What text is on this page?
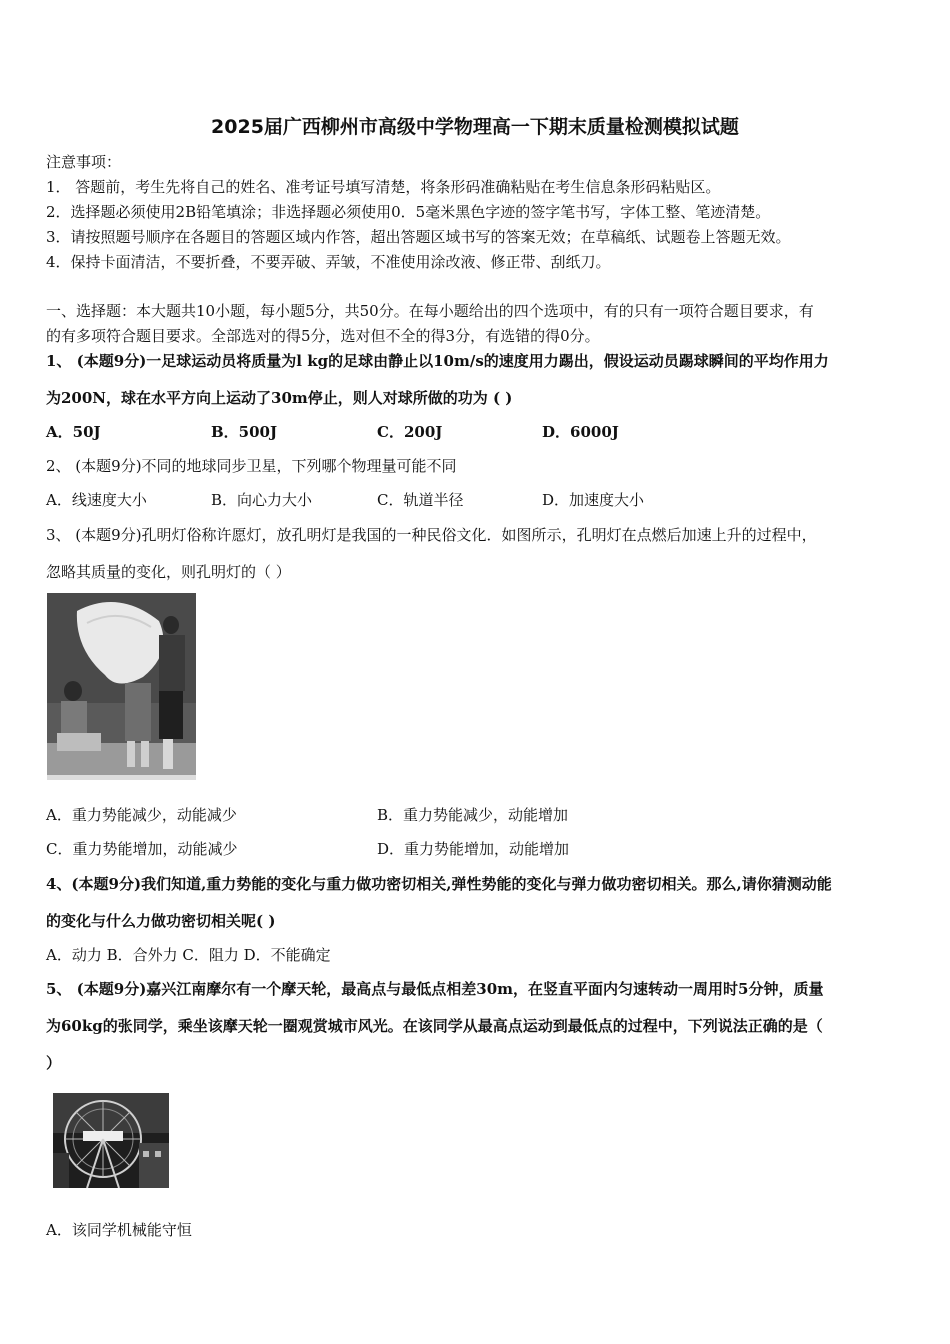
2025届广西柳州市高级中学物理高一下期末质量检测模拟试题
注意事项：
1． 答题前，考生先将自己的姓名、准考证号填写清楚，将条形码准确粘贴在考生信息条形码粘贴区。
2．选择题必须使用2B铅笔填涂；非选择题必须使用0．5毫米黑色字迹的签字笔书写，字体工整、笔迹清楚。
3．请按照题号顺序在各题目的答题区域内作答，超出答题区域书写的答案无效；在草稿纸、试题卷上答题无效。
4．保持卡面清洁，不要折叠，不要弄破、弄皱，不准使用涂改液、修正带、刮纸刀。
一、选择题：本大题共10小题，每小题5分，共50分。在每小题给出的四个选项中，有的只有一项符合题目要求，有
的有多项符合题目要求。全部选对的得5分，选对但不全的得3分，有选错的得0分。
1、 (本题9分)一足球运动员将质量为l kg的足球由静止以10m/s的速度用力踢出，假设运动员踢球瞬间的平均作用力
为200N，球在水平方向上运动了30m停止，则人对球所做的功为 ( )
A．50J	B．500J	C．200J	D．6000J
2、 (本题9分)不同的地球同步卫星，下列哪个物理量可能不同
A．线速度大小	B．向心力大小	C．轨道半径	D．加速度大小
3、 (本题9分)孔明灯俗称许愿灯，放孔明灯是我国的一种民俗文化．如图所示，孔明灯在点燃后加速上升的过程中，
忽略其质量的变化，则孔明灯的（ ）
A．重力势能减少，动能减少	B．重力势能减少，动能增加
C．重力势能增加，动能减少	D．重力势能增加，动能增加
4、(本题9分)我们知道,重力势能的变化与重力做功密切相关,弹性势能的变化与弹力做功密切相关。那么,请你猜测动能
的变化与什么力做功密切相关呢( )
A．动力 B．合外力 C．阻力 D．不能确定
5、 (本题9分)嘉兴江南摩尔有一个摩天轮，最高点与最低点相差30m，在竖直平面内匀速转动一周用时5分钟，质量
为60kg的张同学，乘坐该摩天轮一圈观赏城市风光。在该同学从最高点运动到最低点的过程中，下列说法正确的是（
）
A．该同学机械能守恒
